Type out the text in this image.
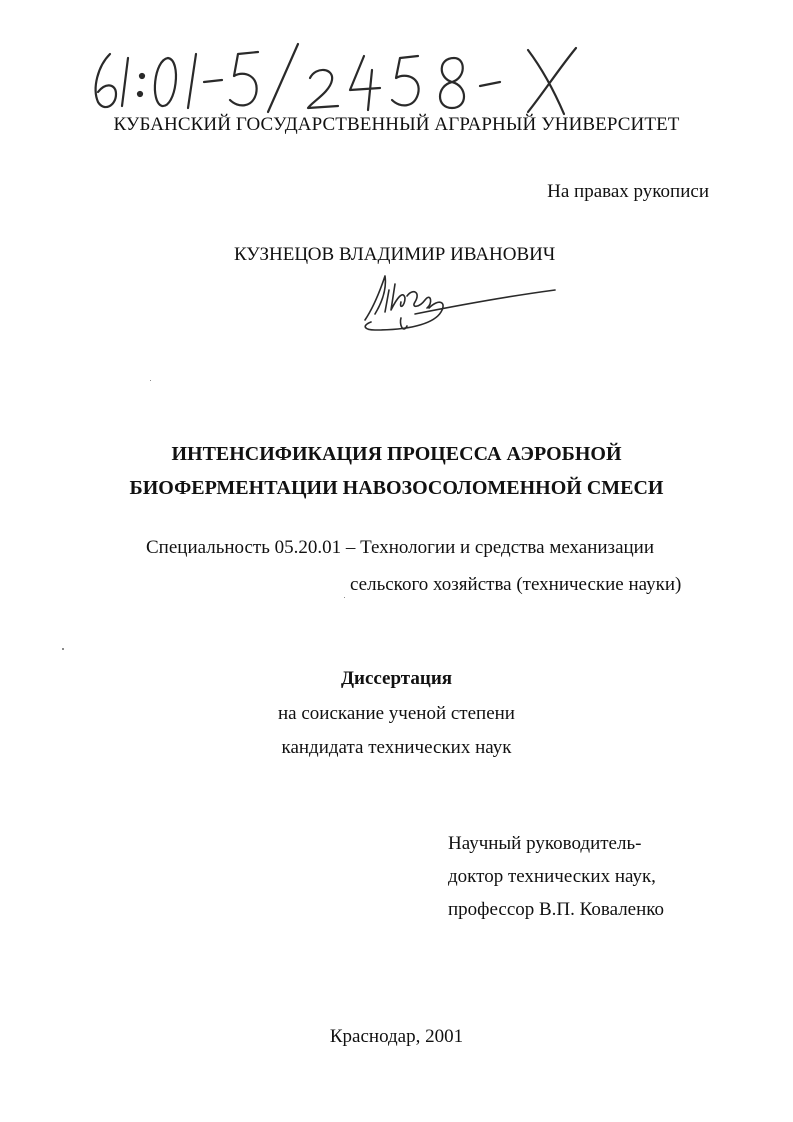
КУБАНСКИЙ ГОСУДАРСТВЕННЫЙ АГРАРНЫЙ УНИВЕРСИТЕТ
На правах рукописи
КУЗНЕЦОВ ВЛАДИМИР ИВАНОВИЧ
ИНТЕНСИФИКАЦИЯ ПРОЦЕССА АЭРОБНОЙ
БИОФЕРМЕНТАЦИИ НАВОЗОСОЛОМЕННОЙ СМЕСИ
Специальность 05.20.01 – Технологии и средства механизации
сельского хозяйства (технические науки)
Диссертация
на соискание ученой степени
кандидата технических наук
Научный руководитель-
доктор технических наук,
профессор В.П. Коваленко
Краснодар, 2001
